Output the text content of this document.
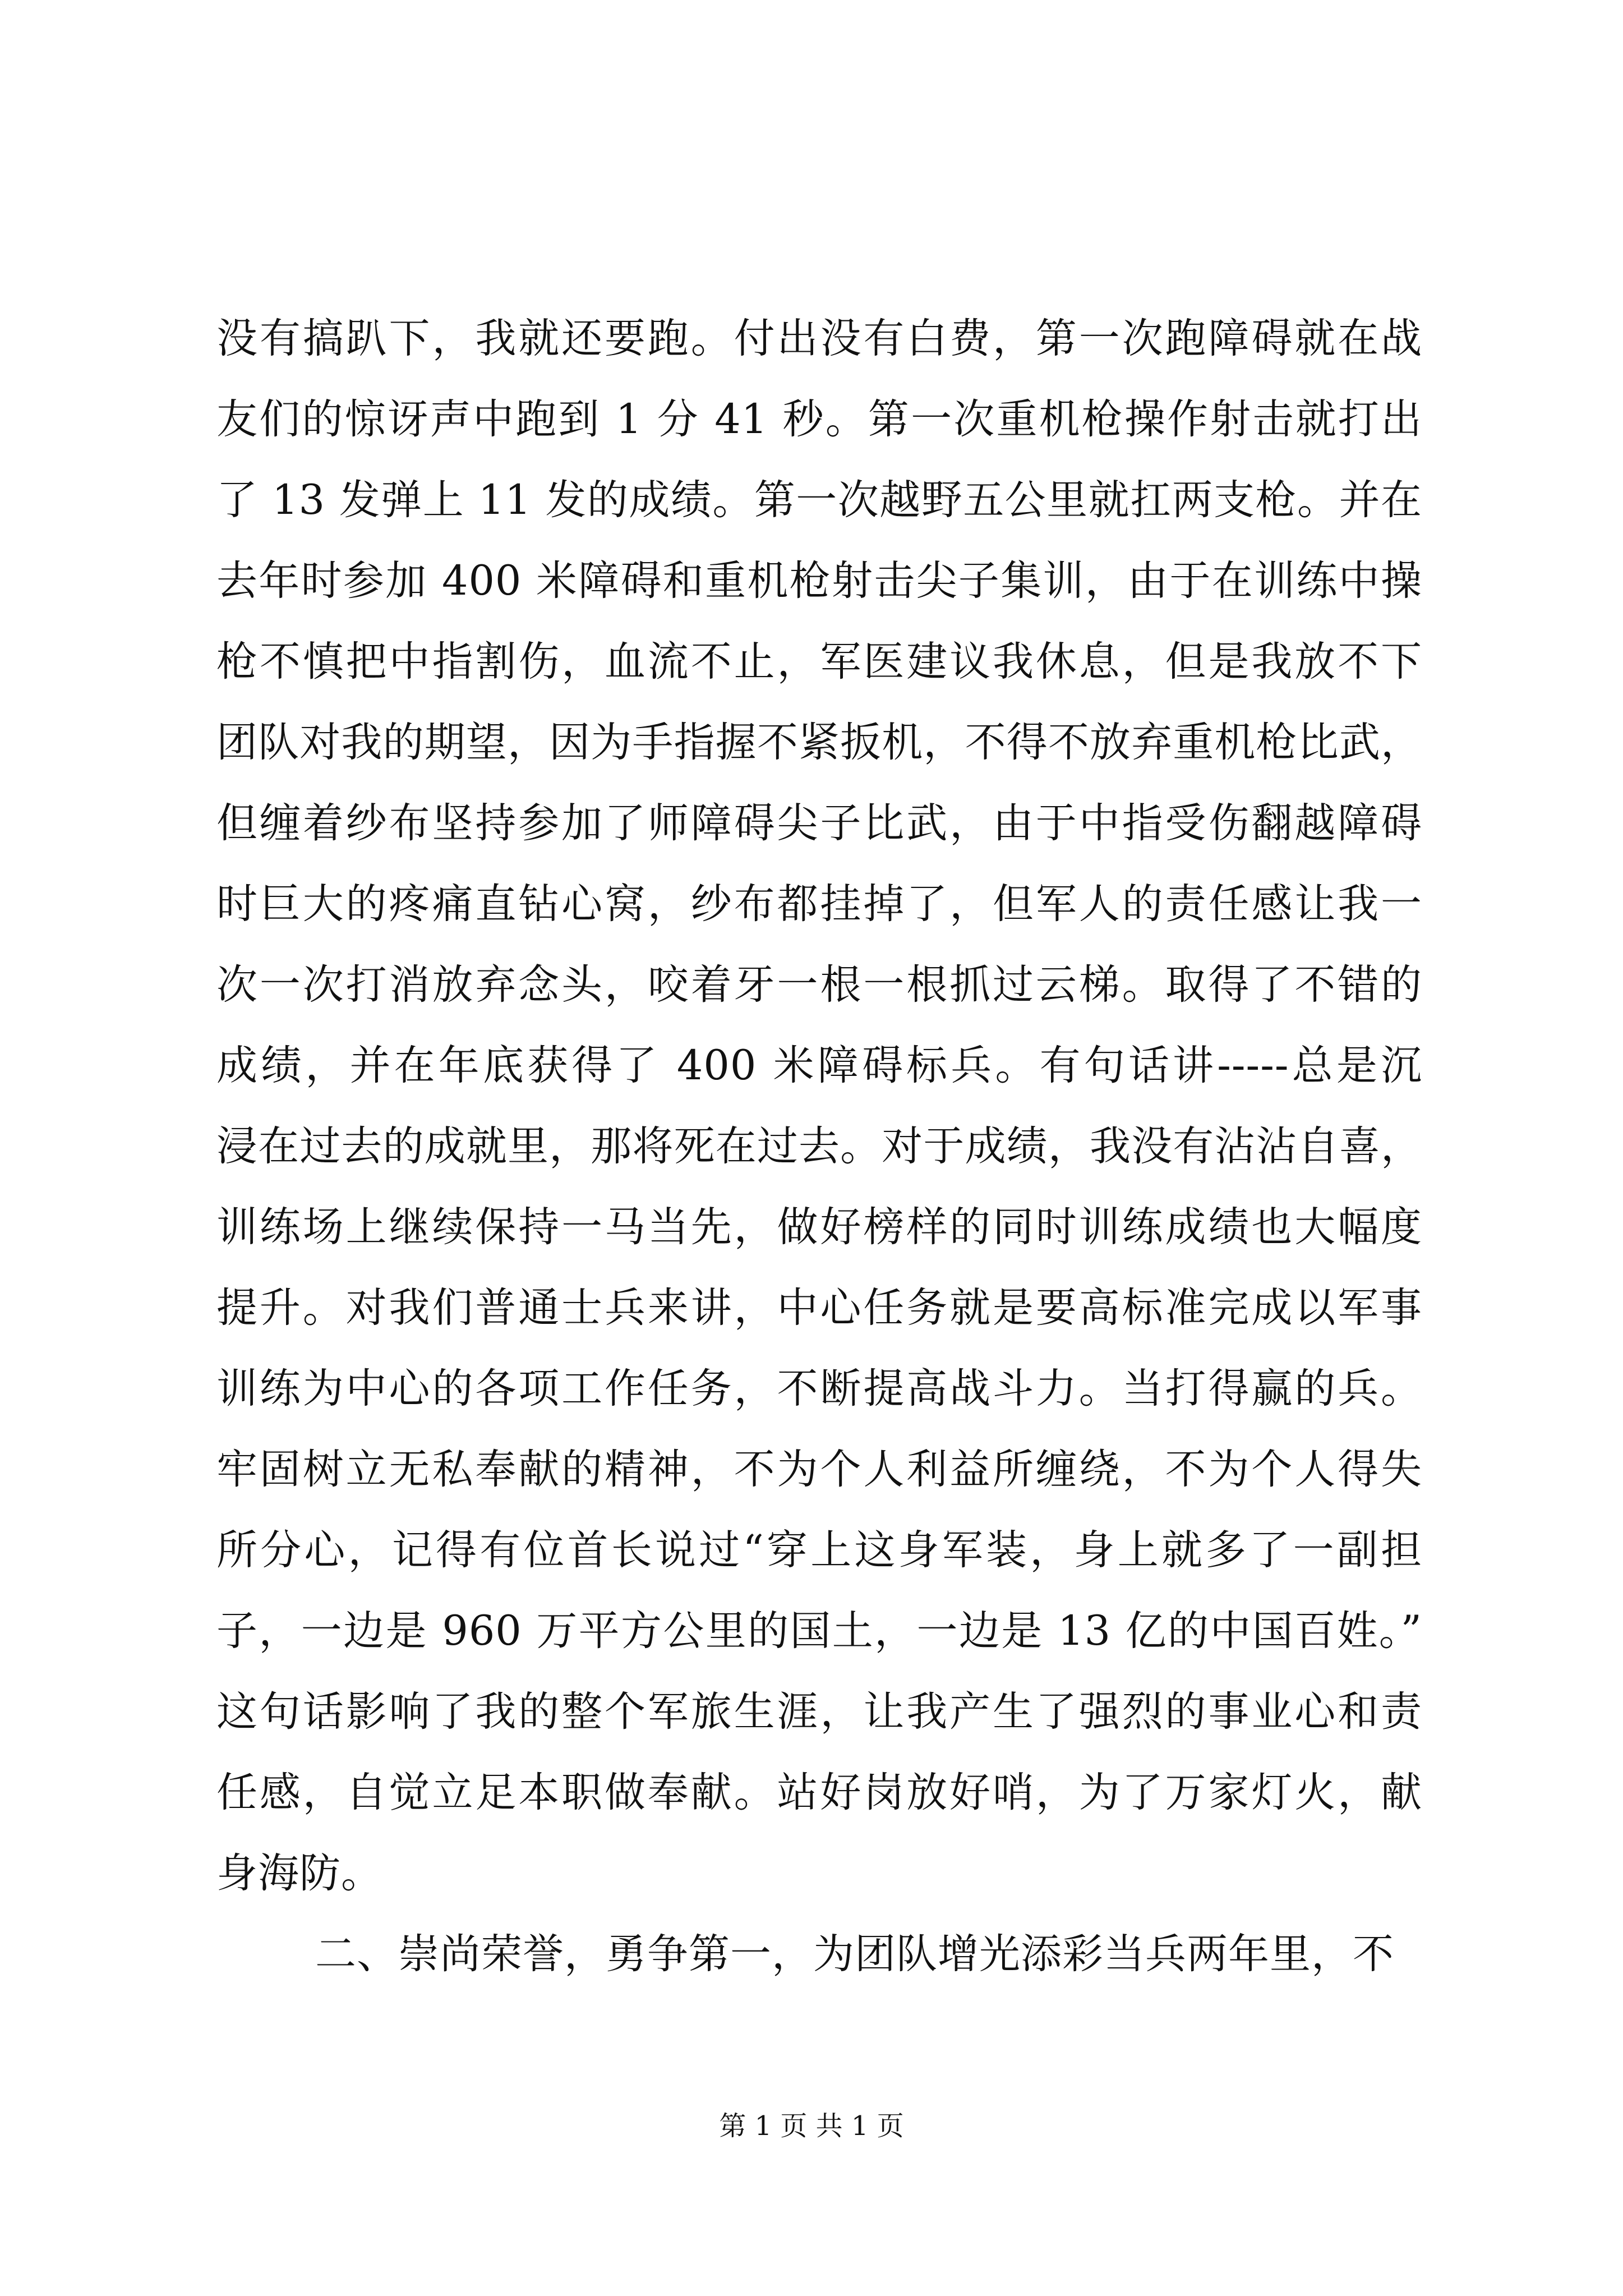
没有搞趴下，我就还要跑。付出没有白费，第一次跑障碍就在战
友们的惊讶声中跑到 1 分 41 秒。第一次重机枪操作射击就打出
了 13 发弹上 11 发的成绩。第一次越野五公里就扛两支枪。并在
去年时参加 400 米障碍和重机枪射击尖子集训，由于在训练中操
枪不慎把中指割伤，血流不止，军医建议我休息，但是我放不下
团队对我的期望，因为手指握不紧扳机，不得不放弃重机枪比武，
但缠着纱布坚持参加了师障碍尖子比武，由于中指受伤翻越障碍
时巨大的疼痛直钻心窝，纱布都挂掉了，但军人的责任感让我一
次一次打消放弃念头，咬着牙一根一根抓过云梯。取得了不错的
成绩，并在年底获得了 400 米障碍标兵。有句话讲-----总是沉
浸在过去的成就里，那将死在过去。对于成绩，我没有沾沾自喜，
训练场上继续保持一马当先，做好榜样的同时训练成绩也大幅度
提升。对我们普通士兵来讲，中心任务就是要高标准完成以军事
训练为中心的各项工作任务，不断提高战斗力。当打得赢的兵。
牢固树立无私奉献的精神，不为个人利益所缠绕，不为个人得失
所分心，记得有位首长说过“穿上这身军装，身上就多了一副担
子，一边是 960 万平方公里的国土，一边是 13 亿的中国百姓。”
这句话影响了我的整个军旅生涯，让我产生了强烈的事业心和责
任感，自觉立足本职做奉献。站好岗放好哨，为了万家灯火，献
身海防。
二、崇尚荣誉，勇争第一，为团队增光添彩当兵两年里，不
第 1 页 共 1 页
